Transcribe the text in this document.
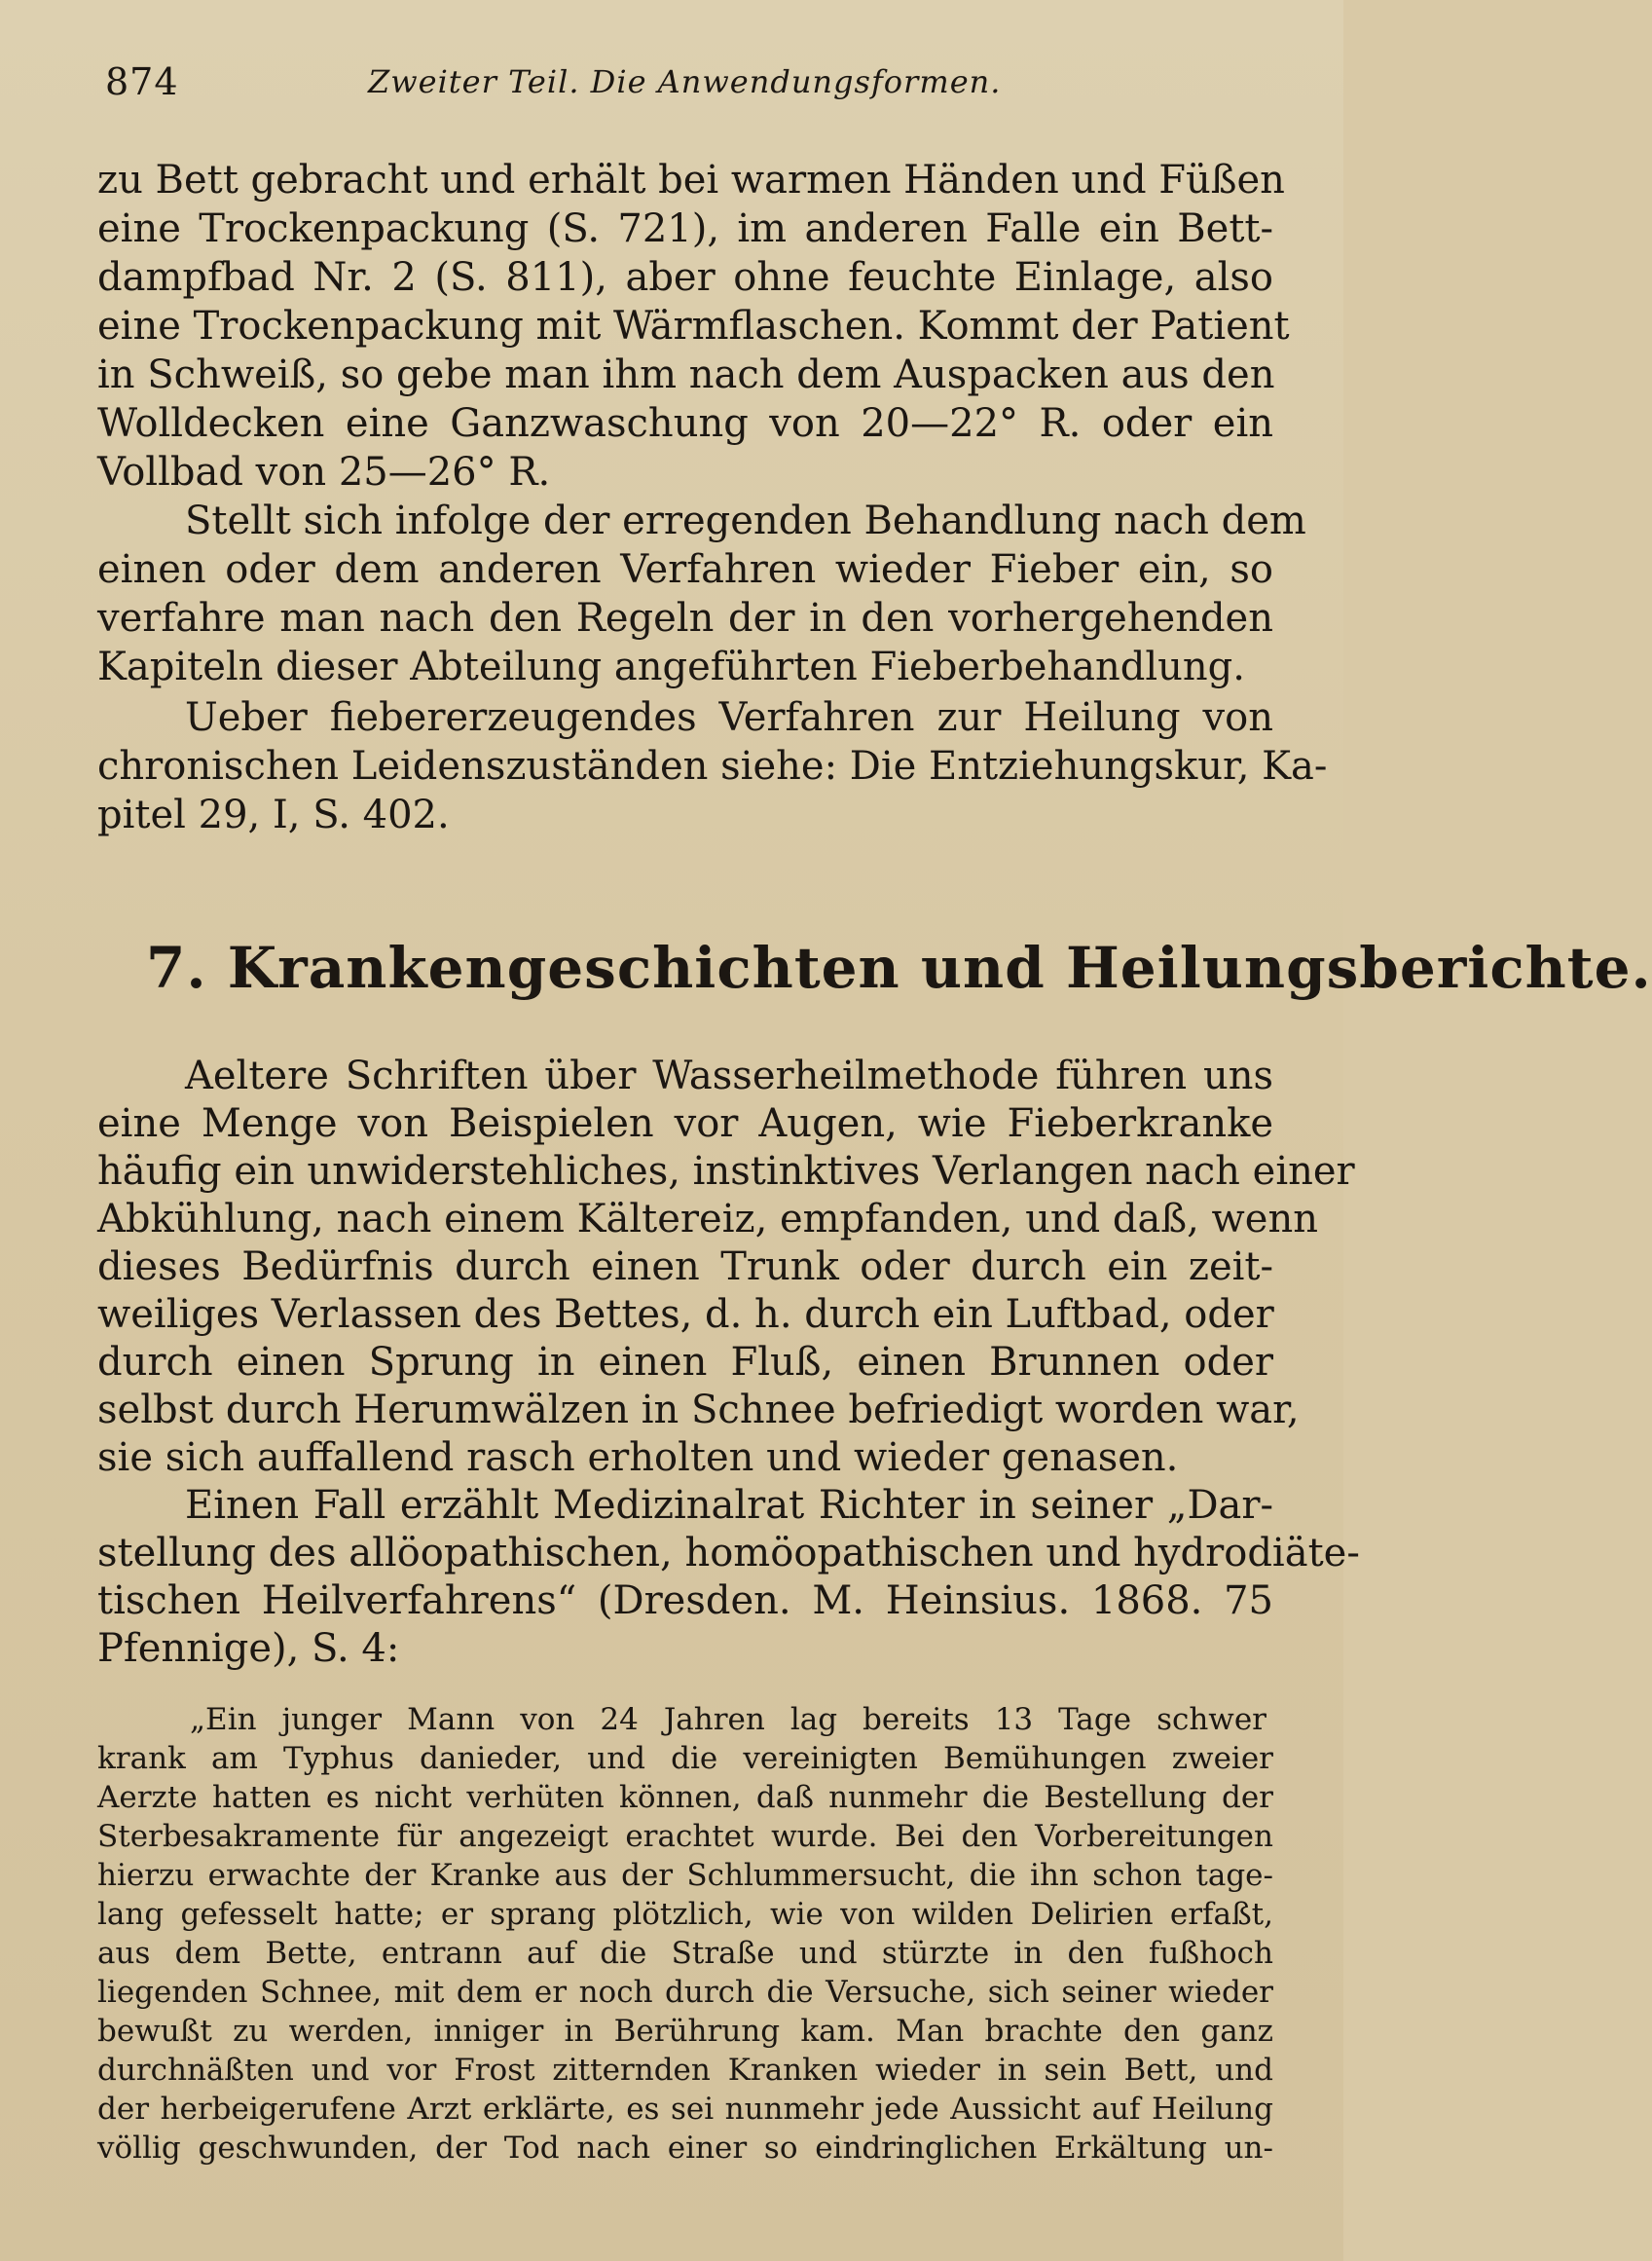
874	Zweiter Teil. Die Anwendungsformen.
zu Bett gebracht und erhält bei warmen Händen und Füßen
eine Trockenpackung (S. 721), im anderen Falle ein Bett-
dampfbad Nr. 2 (S. 811), aber ohne feuchte Einlage, also
eine Trockenpackung mit Wärmflaschen. Kommt der Patient
in Schweiß, so gebe man ihm nach dem Auspacken aus den
Wolldecken eine Ganzwaschung von 20—22° R. oder ein
Vollbad von 25—26° R.
Stellt sich infolge der erregenden Behandlung nach dem
einen oder dem anderen Verfahren wieder Fieber ein, so
verfahre man nach den Regeln der in den vorhergehenden
Kapiteln dieser Abteilung angeführten Fieberbehandlung.
Ueber fiebererzeugendes Verfahren zur Heilung von
chronischen Leidenszuständen siehe: Die Entziehungskur, Ka-
pitel 29, I, S. 402.
7. Krankengeschichten und Heilungsberichte.
Aeltere Schriften über Wasserheilmethode führen uns
eine Menge von Beispielen vor Augen, wie Fieberkranke
häufig ein unwiderstehliches, instinktives Verlangen nach einer
Abkühlung, nach einem Kältereiz, empfanden, und daß, wenn
dieses Bedürfnis durch einen Trunk oder durch ein zeit-
weiliges Verlassen des Bettes, d. h. durch ein Luftbad, oder
durch einen Sprung in einen Fluß, einen Brunnen oder
selbst durch Herumwälzen in Schnee befriedigt worden war,
sie sich auffallend rasch erholten und wieder genasen.
Einen Fall erzählt Medizinalrat Richter in seiner „Dar-
stellung des allöopathischen, homöopathischen und hydrodiäte-
tischen Heilverfahrens“ (Dresden. M. Heinsius. 1868. 75
Pfennige), S. 4:
„Ein junger Mann von 24 Jahren lag bereits 13 Tage schwer
krank am Typhus danieder, und die vereinigten Bemühungen zweier
Aerzte hatten es nicht verhüten können, daß nunmehr die Bestellung der
Sterbesakramente für angezeigt erachtet wurde. Bei den Vorbereitungen
hierzu erwachte der Kranke aus der Schlummersucht, die ihn schon tage-
lang gefesselt hatte; er sprang plötzlich, wie von wilden Delirien erfaßt,
aus dem Bette, entrann auf die Straße und stürzte in den fußhoch
liegenden Schnee, mit dem er noch durch die Versuche, sich seiner wieder
bewußt zu werden, inniger in Berührung kam. Man brachte den ganz
durchnäßten und vor Frost zitternden Kranken wieder in sein Bett, und
der herbeigerufene Arzt erklärte, es sei nunmehr jede Aussicht auf Heilung
völlig geschwunden, der Tod nach einer so eindringlichen Erkältung un-
